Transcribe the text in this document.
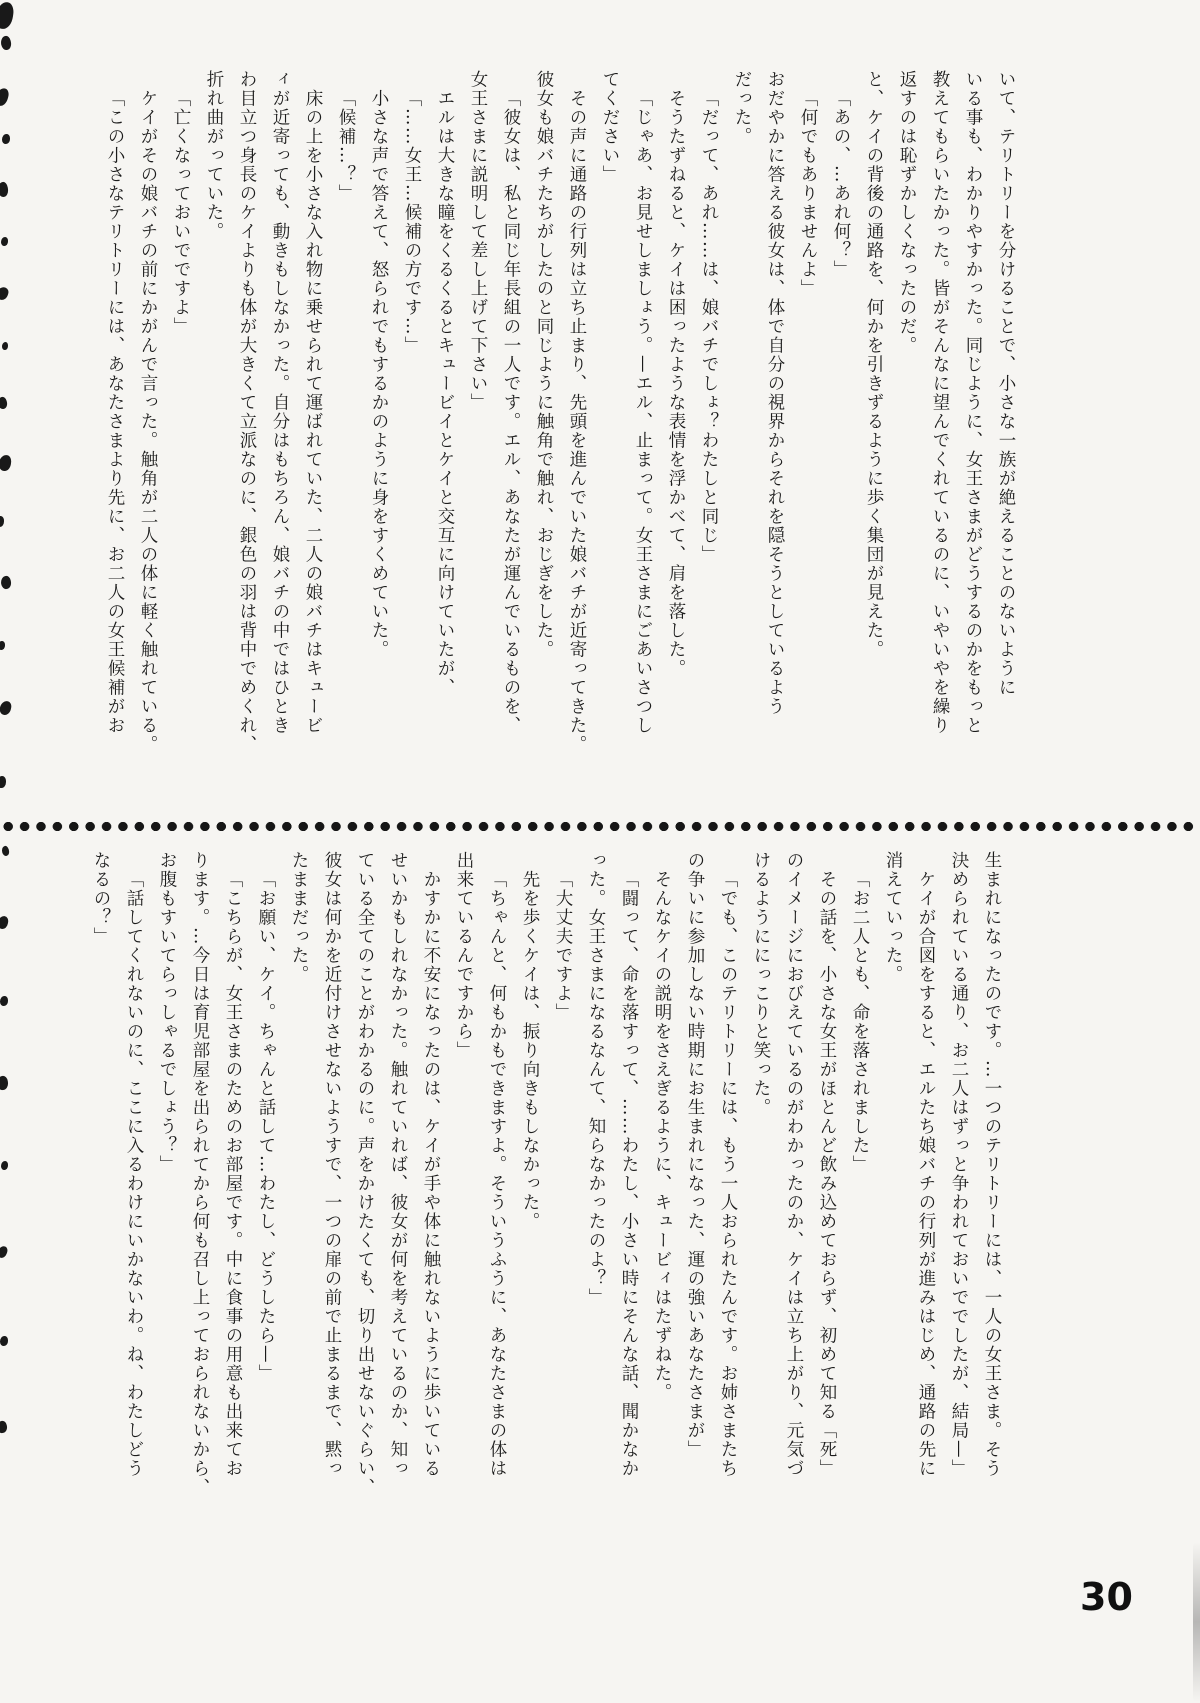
いて、テリトリーを分けることで、小さな一族が絶えることのないように
いる事も、わかりやすかった。同じように、女王さまがどうするのかをもっと
教えてもらいたかった。皆がそんなに望んでくれているのに、いやいやを繰り
返すのは恥ずかしくなったのだ。
と、ケイの背後の通路を、何かを引きずるように歩く集団が見えた。
「あの、…あれ何？」
「何でもありませんよ」
おだやかに答える彼女は、体で自分の視界からそれを隠そうとしているよう
だった。
「だって、あれ……は、娘バチでしょ？わたしと同じ」
そうたずねると、ケイは困ったような表情を浮かべて、肩を落した。
「じゃあ、お見せしましょう。—エル、止まって。女王さまにごあいさつし
てください」
その声に通路の行列は立ち止まり、先頭を進んでいた娘バチが近寄ってきた。
彼女も娘バチたちがしたのと同じように触角で触れ、おじぎをした。
「彼女は、私と同じ年長組の一人です。エル、あなたが運んでいるものを、
女王さまに説明して差し上げて下さい」
エルは大きな瞳をくるくるとキュービイとケイと交互に向けていたが、
「……女王…候補の方です…」
小さな声で答えて、怒られでもするかのように身をすくめていた。
「候補…？」
床の上を小さな入れ物に乗せられて運ばれていた、二人の娘バチはキュービ
ィが近寄っても、動きもしなかった。自分はもちろん、娘バチの中ではひとき
わ目立つ身長のケイよりも体が大きくて立派なのに、銀色の羽は背中でめくれ、
折れ曲がっていた。
「亡くなっておいでですよ」
ケイがその娘バチの前にかがんで言った。触角が二人の体に軽く触れている。
「この小さなテリトリーには、あなたさまより先に、お二人の女王候補がお
生まれになったのです。…一つのテリトリーには、一人の女王さま。そう
決められている通り、お二人はずっと争われておいででしたが、結局—」
ケイが合図をすると、エルたち娘バチの行列が進みはじめ、通路の先に
消えていった。
「お二人とも、命を落されました」
その話を、小さな女王がほとんど飲み込めておらず、初めて知る「死」
のイメージにおびえているのがわかったのか、ケイは立ち上がり、元気づ
けるようににっこりと笑った。
「でも、このテリトリーには、もう一人おられたんです。お姉さまたち
の争いに参加しない時期にお生まれになった、運の強いあなたさまが」
そんなケイの説明をさえぎるように、キュービィはたずねた。
「闘って、命を落すって、……わたし、小さい時にそんな話、聞かなか
った。女王さまになるなんて、知らなかったのよ？」
「大丈夫ですよ」
先を歩くケイは、振り向きもしなかった。
「ちゃんと、何もかもできますよ。そういうふうに、あなたさまの体は
出来ているんですから」
かすかに不安になったのは、ケイが手や体に触れないように歩いている
せいかもしれなかった。触れていれば、彼女が何を考えているのか、知っ
ている全てのことがわかるのに。声をかけたくても、切り出せないぐらい、
彼女は何かを近付けさせないようすで、一つの扉の前で止まるまで、黙っ
たままだった。
「お願い、ケイ。ちゃんと話して…わたし、どうしたら—」
「こちらが、女王さまのためのお部屋です。中に食事の用意も出来てお
ります。…今日は育児部屋を出られてから何も召し上っておられないから、
お腹もすいてらっしゃるでしょう？」
「話してくれないのに、ここに入るわけにいかないわ。ね、わたしどう
なるの？」
30
